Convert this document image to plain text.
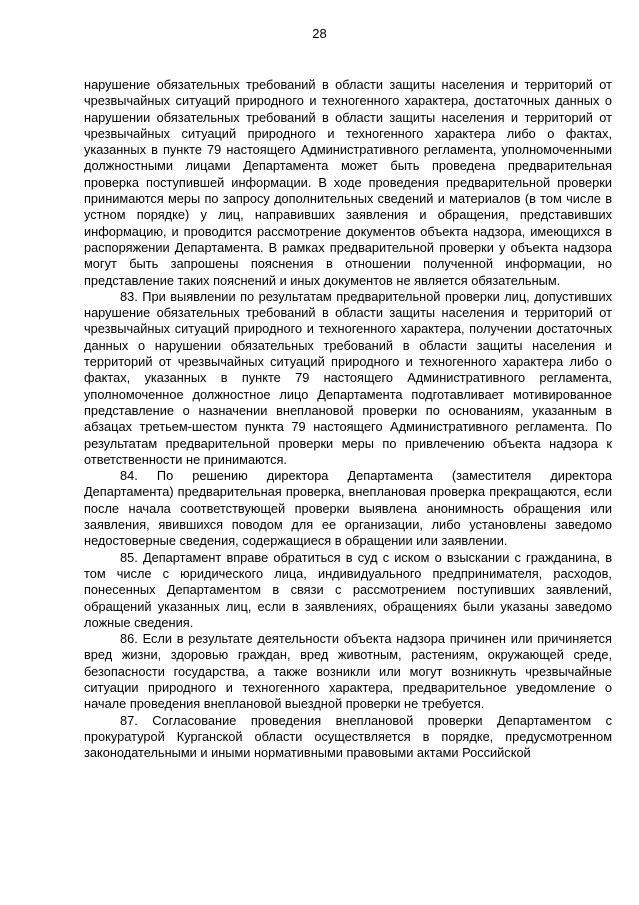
28

нарушение обязательных требований в области защиты населения и территорий от чрезвычайных ситуаций природного и техногенного характера, достаточных данных о нарушении обязательных требований в области защиты населения и территорий от чрезвычайных ситуаций природного и техногенного характера либо о фактах, указанных в пункте 79 настоящего Административного регламента, уполномоченными должностными лицами Департамента может быть проведена предварительная проверка поступившей информации. В ходе проведения предварительной проверки принимаются меры по запросу дополнительных сведений и материалов (в том числе в устном порядке) у лиц, направивших заявления и обращения, представивших информацию, и проводится рассмотрение документов объекта надзора, имеющихся в распоряжении Департамента. В рамках предварительной проверки у объекта надзора могут быть запрошены пояснения в отношении полученной информации, но представление таких пояснений и иных документов не является обязательным.

83. При выявлении по результатам предварительной проверки лиц, допустивших нарушение обязательных требований в области защиты населения и территорий от чрезвычайных ситуаций природного и техногенного характера, получении достаточных данных о нарушении обязательных требований в области защиты населения и территорий от чрезвычайных ситуаций природного и техногенного характера либо о фактах, указанных в пункте 79 настоящего Административного регламента, уполномоченное должностное лицо Департамента подготавливает мотивированное представление о назначении внеплановой проверки по основаниям, указанным в абзацах третьем-шестом пункта 79 настоящего Административного регламента. По результатам предварительной проверки меры по привлечению объекта надзора к ответственности не принимаются.

84. По решению директора Департамента (заместителя директора Департамента) предварительная проверка, внеплановая проверка прекращаются, если после начала соответствующей проверки выявлена анонимность обращения или заявления, явившихся поводом для ее организации, либо установлены заведомо недостоверные сведения, содержащиеся в обращении или заявлении.

85. Департамент вправе обратиться в суд с иском о взыскании с гражданина, в том числе с юридического лица, индивидуального предпринимателя, расходов, понесенных Департаментом в связи с рассмотрением поступивших заявлений, обращений указанных лиц, если в заявлениях, обращениях были указаны заведомо ложные сведения.

86. Если в результате деятельности объекта надзора причинен или причиняется вред жизни, здоровью граждан, вред животным, растениям, окружающей среде, безопасности государства, а также возникли или могут возникнуть чрезвычайные ситуации природного и техногенного характера, предварительное уведомление о начале проведения внеплановой выездной проверки не требуется.

87. Согласование проведения внеплановой проверки Департаментом с прокуратурой Курганской области осуществляется в порядке, предусмотренном законодательными и иными нормативными правовыми актами Российской
